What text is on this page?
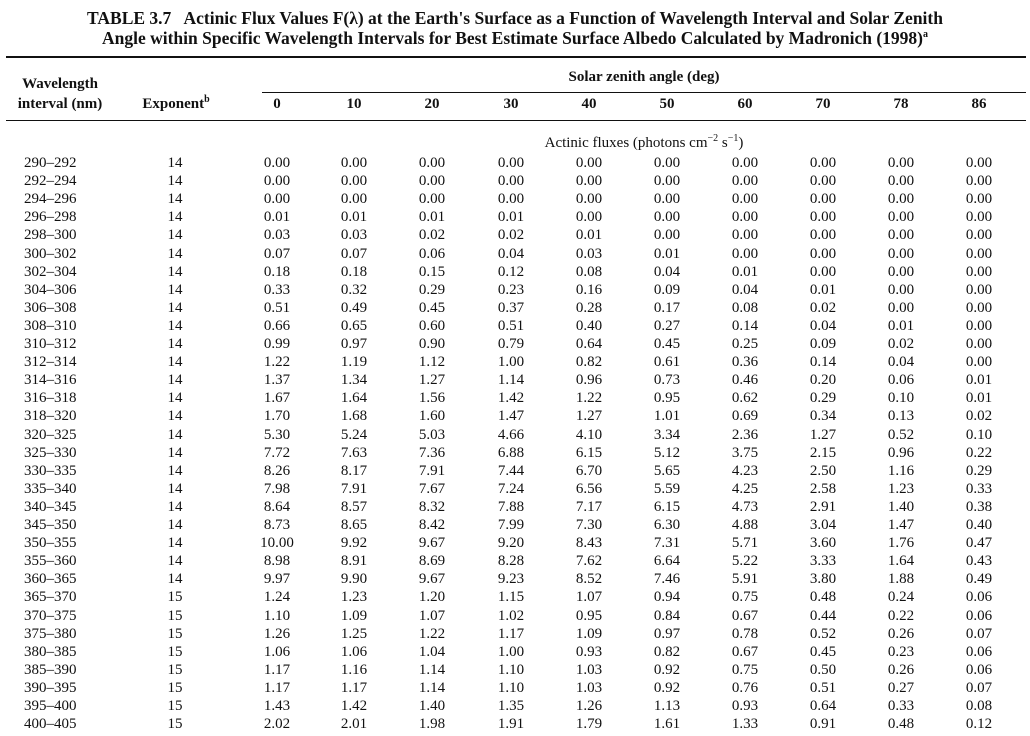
TABLE 3.7 Actinic Flux Values F(λ) at the Earth's Surface as a Function of Wavelength Interval and Solar Zenith
Angle within Specific Wavelength Intervals for Best Estimate Surface Albedo Calculated by Madronich $(1998)^a$
Solar zenith angle (deg)
Wavelength
interval (nm)	Exponent$^b$	0	10	20	30	40	50	60	70	78	86
Actinic fluxes (photons $cm^{-2}$ $s^{-1}$)
290–292	14	0.00	0.00	0.00	0.00	0.00	0.00	0.00	0.00	0.00	0.00
292–294	14	0.00	0.00	0.00	0.00	0.00	0.00	0.00	0.00	0.00	0.00
294–296	14	0.00	0.00	0.00	0.00	0.00	0.00	0.00	0.00	0.00	0.00
296–298	14	0.01	0.01	0.01	0.01	0.00	0.00	0.00	0.00	0.00	0.00
298–300	14	0.03	0.03	0.02	0.02	0.01	0.00	0.00	0.00	0.00	0.00
300–302	14	0.07	0.07	0.06	0.04	0.03	0.01	0.00	0.00	0.00	0.00
302–304	14	0.18	0.18	0.15	0.12	0.08	0.04	0.01	0.00	0.00	0.00
304–306	14	0.33	0.32	0.29	0.23	0.16	0.09	0.04	0.01	0.00	0.00
306–308	14	0.51	0.49	0.45	0.37	0.28	0.17	0.08	0.02	0.00	0.00
308–310	14	0.66	0.65	0.60	0.51	0.40	0.27	0.14	0.04	0.01	0.00
310–312	14	0.99	0.97	0.90	0.79	0.64	0.45	0.25	0.09	0.02	0.00
312–314	14	1.22	1.19	1.12	1.00	0.82	0.61	0.36	0.14	0.04	0.00
314–316	14	1.37	1.34	1.27	1.14	0.96	0.73	0.46	0.20	0.06	0.01
316–318	14	1.67	1.64	1.56	1.42	1.22	0.95	0.62	0.29	0.10	0.01
318–320	14	1.70	1.68	1.60	1.47	1.27	1.01	0.69	0.34	0.13	0.02
320–325	14	5.30	5.24	5.03	4.66	4.10	3.34	2.36	1.27	0.52	0.10
325–330	14	7.72	7.63	7.36	6.88	6.15	5.12	3.75	2.15	0.96	0.22
330–335	14	8.26	8.17	7.91	7.44	6.70	5.65	4.23	2.50	1.16	0.29
335–340	14	7.98	7.91	7.67	7.24	6.56	5.59	4.25	2.58	1.23	0.33
340–345	14	8.64	8.57	8.32	7.88	7.17	6.15	4.73	2.91	1.40	0.38
345–350	14	8.73	8.65	8.42	7.99	7.30	6.30	4.88	3.04	1.47	0.40
350–355	14	10.00	9.92	9.67	9.20	8.43	7.31	5.71	3.60	1.76	0.47
355–360	14	8.98	8.91	8.69	8.28	7.62	6.64	5.22	3.33	1.64	0.43
360–365	14	9.97	9.90	9.67	9.23	8.52	7.46	5.91	3.80	1.88	0.49
365–370	15	1.24	1.23	1.20	1.15	1.07	0.94	0.75	0.48	0.24	0.06
370–375	15	1.10	1.09	1.07	1.02	0.95	0.84	0.67	0.44	0.22	0.06
375–380	15	1.26	1.25	1.22	1.17	1.09	0.97	0.78	0.52	0.26	0.07
380–385	15	1.06	1.06	1.04	1.00	0.93	0.82	0.67	0.45	0.23	0.06
385–390	15	1.17	1.16	1.14	1.10	1.03	0.92	0.75	0.50	0.26	0.06
390–395	15	1.17	1.17	1.14	1.10	1.03	0.92	0.76	0.51	0.27	0.07
395–400	15	1.43	1.42	1.40	1.35	1.26	1.13	0.93	0.64	0.33	0.08
400–405	15	2.02	2.01	1.98	1.91	1.79	1.61	1.33	0.91	0.48	0.12
